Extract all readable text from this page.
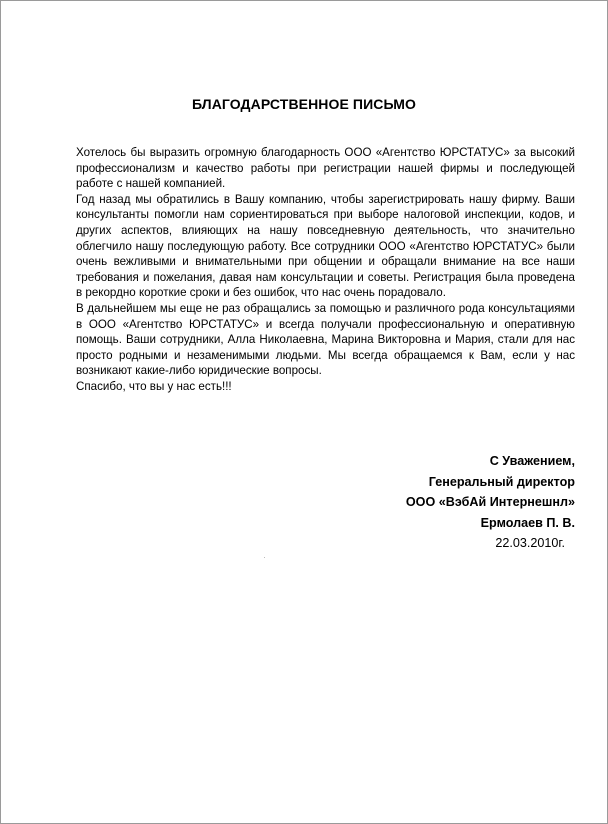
БЛАГОДАРСТВЕННОЕ ПИСЬМО

Хотелось бы выразить огромную благодарность ООО «Агентство ЮРСТАТУС» за высокий профессионализм и качество работы при регистрации нашей фирмы и последующей работе с нашей компанией.

Год назад мы обратились в Вашу компанию, чтобы зарегистрировать нашу фирму. Ваши консультанты помогли нам сориентироваться при выборе налоговой инспекции, кодов, и других аспектов, влияющих на нашу повседневную деятельность, что значительно облегчило нашу последующую работу. Все сотрудники ООО «Агентство ЮРСТАТУС» были очень вежливыми и внимательными при общении и обращали внимание на все наши требования и пожелания, давая нам консультации и советы. Регистрация была проведена в рекордно короткие сроки и без ошибок, что нас очень порадовало.

В дальнейшем мы еще не раз обращались за помощью и различного рода консультациями в ООО «Агентство ЮРСТАТУС» и всегда получали профессиональную и оперативную помощь. Ваши сотрудники, Алла Николаевна, Марина Викторовна и Мария, стали для нас просто родными и незаменимыми людьми. Мы всегда обращаемся к Вам, если у нас возникают какие-либо юридические вопросы.

Спасибо, что вы у нас есть!!!

С Уважением,
Генеральный директор
ООО «ВэбАй Интернешнл»
Ермолаев П. В.
22.03.2010г.
